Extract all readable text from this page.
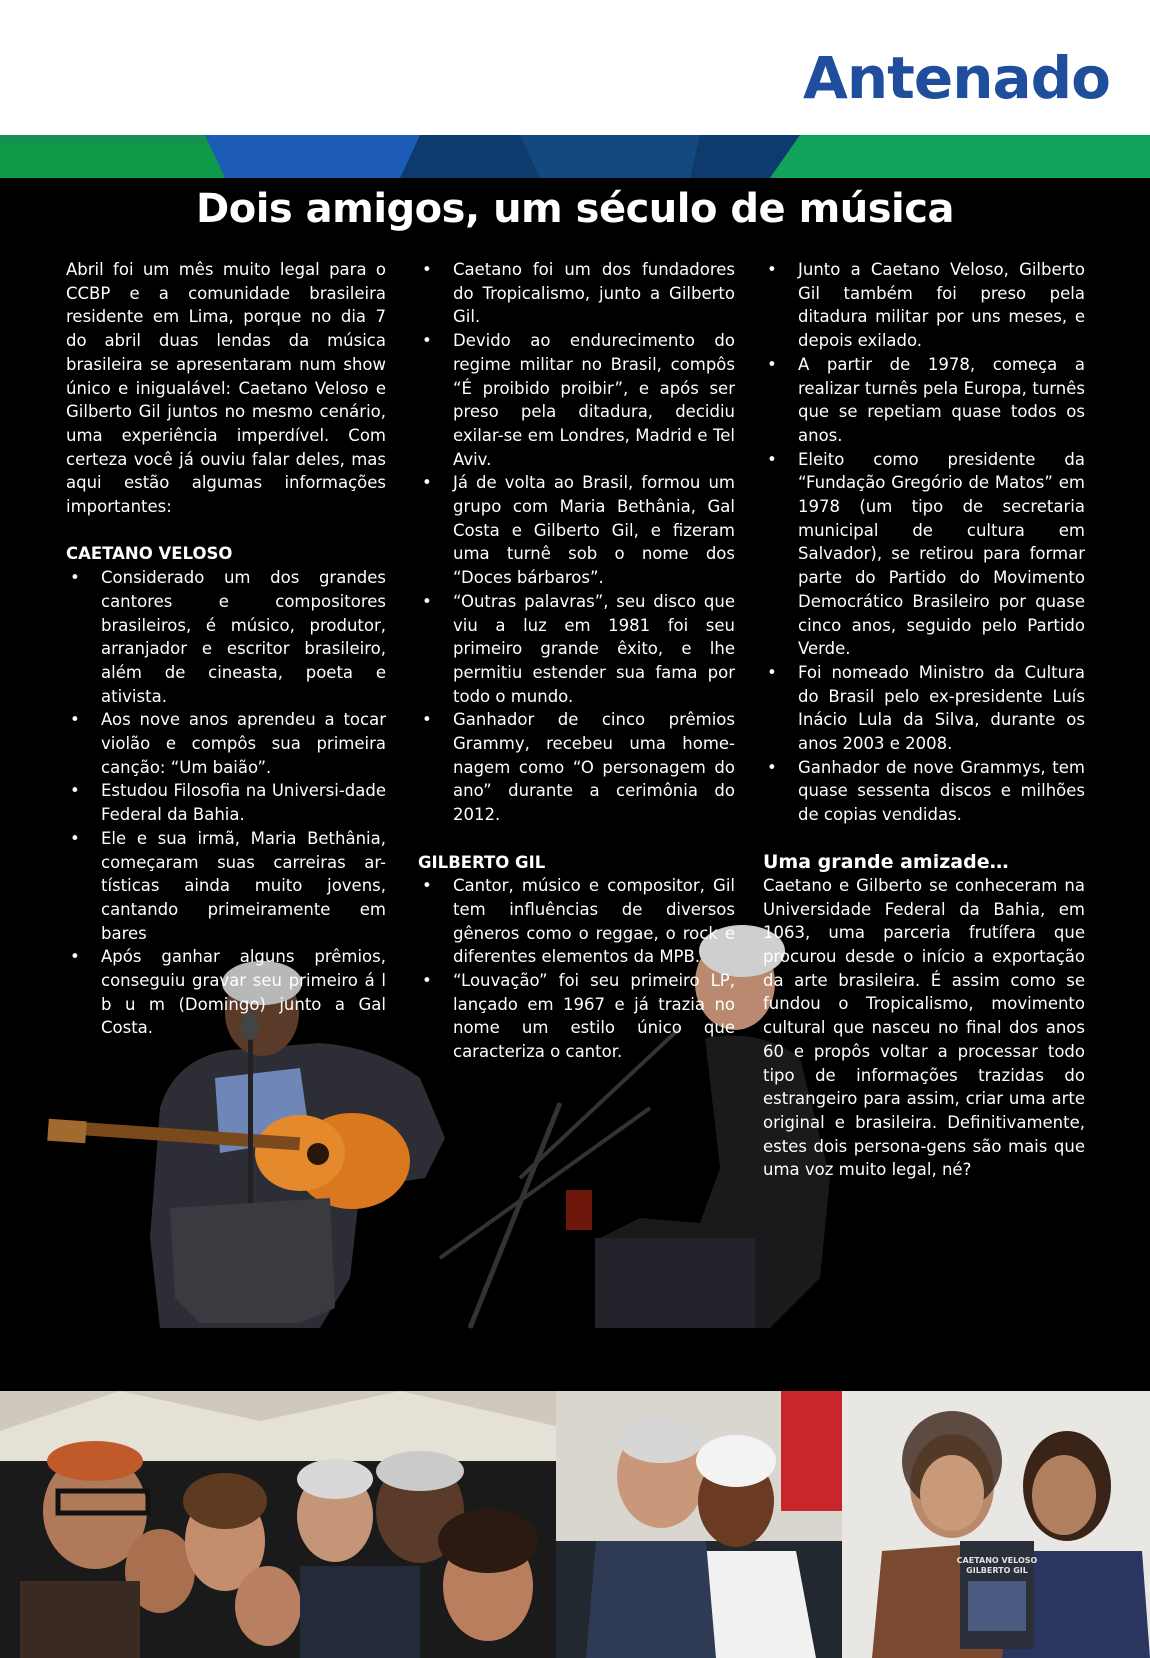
Antenado
Dois amigos, um século de música

Abril foi um mês muito legal para o CCBP e a comunidade brasileira residente em Lima, porque no dia 7 do abril duas lendas da música brasileira se apresentaram num show único e inigualável: Caetano Veloso e Gilberto Gil juntos no mesmo cenário, uma experiência imperdível. Com certeza você já ouviu falar deles, mas aqui estão algumas informações importantes:

CAETANO VELOSO
• Considerado um dos grandes cantores e compositores brasileiros, é músico, produtor, arranjador e escritor brasileiro, além de cineasta, poeta e ativista.
• Aos nove anos aprendeu a tocar violão e compôs sua primeira canção: “Um baião”.
• Estudou Filosofia na Universi-dade Federal da Bahia.
• Ele e sua irmã, Maria Bethânia, começaram suas carreiras ar-tísticas ainda muito jovens, cantando primeiramente em bares
• Após ganhar alguns prêmios, conseguiu gravar seu primeiro á l b u m (Domingo) junto a Gal Costa.
• Caetano foi um dos fundadores do Tropicalismo, junto a Gilberto Gil.
• Devido ao endurecimento do regime militar no Brasil, compôs “É proibido proibir”, e após ser preso pela ditadura, decidiu exilar-se em Londres, Madrid e Tel Aviv.
• Já de volta ao Brasil, formou um grupo com Maria Bethânia, Gal Costa e Gilberto Gil, e fizeram uma turnê sob o nome dos “Doces bárbaros”.
• “Outras palavras”, seu disco que viu a luz em 1981 foi seu primeiro grande êxito, e lhe permitiu estender sua fama por todo o mundo.
• Ganhador de cinco prêmios Grammy, recebeu uma home-nagem como “O personagem do ano” durante a cerimônia do 2012.
GILBERTO GIL
• Cantor, músico e compositor, Gil tem influências de diversos gêneros como o reggae, o rock e diferentes elementos da MPB.
• “Louvação” foi seu primeiro LP, lançado em 1967 e já trazia no nome um estilo único que caracteriza o cantor.
• Junto a Caetano Veloso, Gilberto Gil também foi preso pela ditadura militar por uns meses, e depois exilado.
• A partir de 1978, começa a realizar turnês pela Europa, turnês que se repetiam quase todos os anos.
• Eleito como presidente da “Fundação Gregório de Matos” em 1978 (um tipo de secretaria municipal de cultura em Salvador), se retirou para formar parte do Partido do Movimento Democrático Brasileiro por quase cinco anos, seguido pelo Partido Verde.
• Foi nomeado Ministro da Cultura do Brasil pelo ex-presidente Luís Inácio Lula da Silva, durante os anos 2003 e 2008.
• Ganhador de nove Grammys, tem quase sessenta discos e milhões de copias vendidas.
Uma grande amizade…

Caetano e Gilberto se conheceram na Universidade Federal da Bahia, em 1063, uma parceria frutífera que procurou desde o início a exportação da arte brasileira. É assim como se fundou o Tropicalismo, movimento cultural que nasceu no final dos anos 60 e propôs voltar a processar todo tipo de informações trazidas do estrangeiro para assim, criar uma arte original e brasileira. Definitivamente, estes dois persona-gens são mais que uma voz muito legal, né?

CAETANO VELOSO
GILBERTO GIL
